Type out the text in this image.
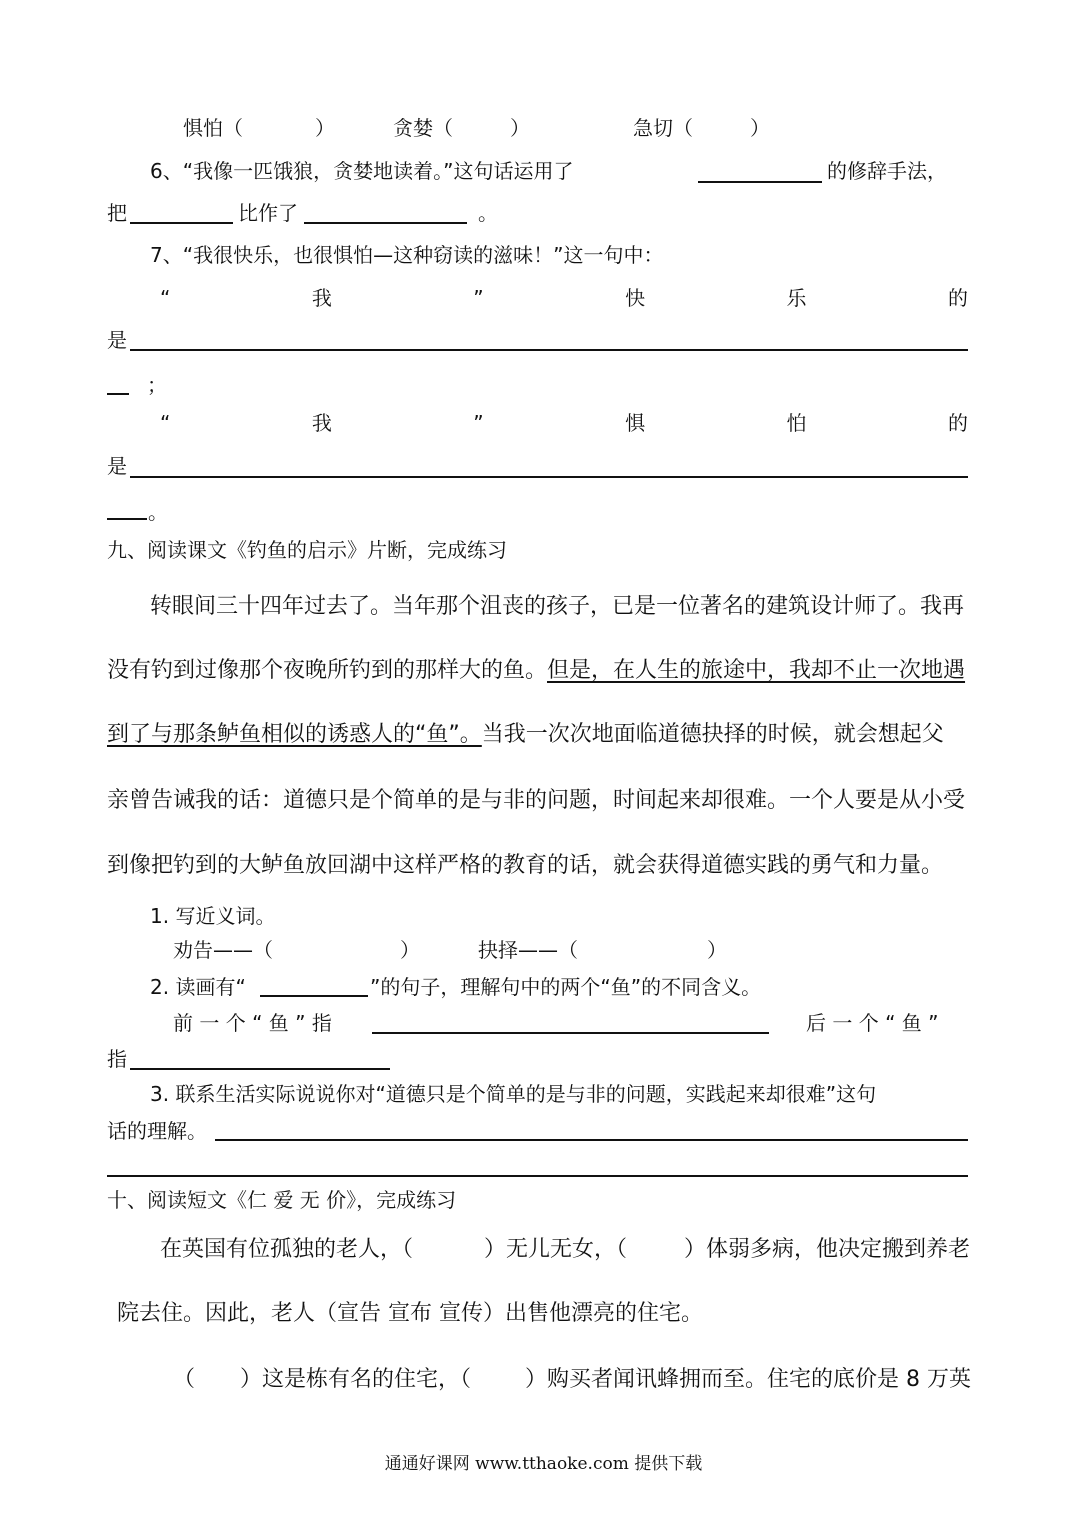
惧怕（	）	贪婪（	）	急切（	）
6、“我像一匹饿狼，贪婪地读着。”这句话运用了	的修辞手法，
把	比作了	。
7、“我很快乐，也很惧怕—这种窃读的滋味！”这一句中：
“	我	”	快	乐	的
是
；
“	我	”	惧	怕	的
是
。
九、阅读课文《钓鱼的启示》片断，完成练习
转眼间三十四年过去了。当年那个沮丧的孩子，已是一位著名的建筑设计师了。我再
没有钓到过像那个夜晚所钓到的那样大的鱼。但是，在人生的旅途中，我却不止一次地遇
到了与那条鲈鱼相似的诱惑人的“鱼”。当我一次次地面临道德抉择的时候，就会想起父
亲曾告诫我的话：道德只是个简单的是与非的问题，时间起来却很难。一个人要是从小受
到像把钓到的大鲈鱼放回湖中这样严格的教育的话，就会获得道德实践的勇气和力量。
1. 写近义词。
劝告——（	）	抉择——（	）
2. 读画有“	”的句子，理解句中的两个“鱼”的不同含义。
前 一 个 “ 鱼 ” 指	后 一 个 “ 鱼 ”
指
3. 联系生活实际说说你对“道德只是个简单的是与非的问题，实践起来却很难”这句
话的理解。
十、阅读短文《仁 爱 无 价》，完成练习
在英国有位孤独的老人，（	）无儿无女，（	）体弱多病，他决定搬到养老
院去住。因此，老人（宣告 宣布 宣传）出售他漂亮的住宅。
（ ）这是栋有名的住宅，（ ）购买者闻讯蜂拥而至。住宅的底价是 8 万英
通通好课网 www.tthaoke.com 提供下载
